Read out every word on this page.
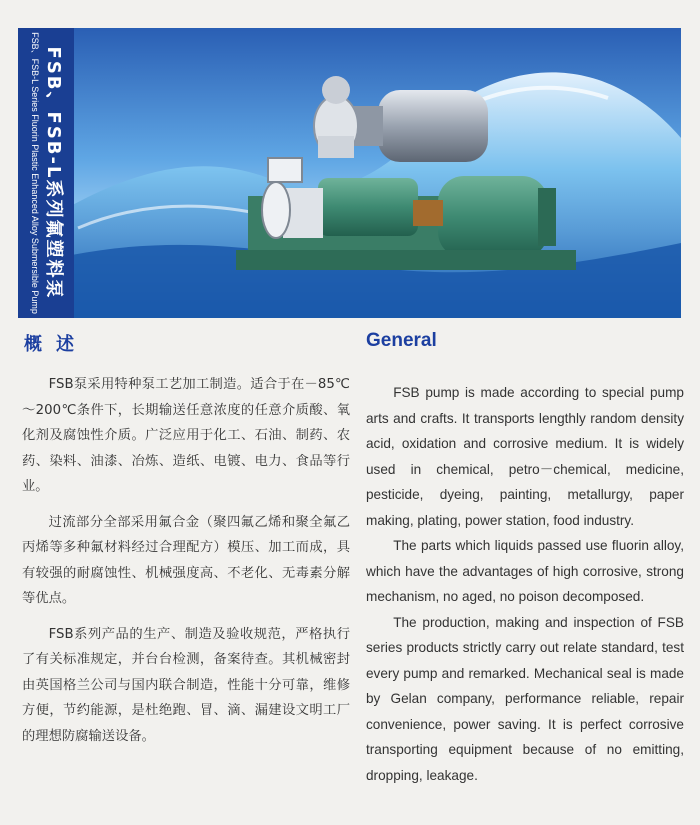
FSB、FSB-L系列氟塑料泵
FSB、FSB-L Series Fluorin Plastic Enhanced Alloy Submersible Pump
概述	General

FSB泵采用特种泵工艺加工制造。适合于在－85℃～200℃条件下，长期输送任意浓度的任意介质酸、氧化剂及腐蚀性介质。广泛应用于化工、石油、制药、农药、染料、油漆、冶炼、造纸、电镀、电力、食品等行业。

过流部分全部采用氟合金（聚四氟乙烯和聚全氟乙丙烯等多种氟材料经过合理配方）模压、加工而成，具有较强的耐腐蚀性、机械强度高、不老化、无毒素分解等优点。

FSB系列产品的生产、制造及验收规范，严格执行了有关标准规定，并台台检测，备案待查。其机械密封由英国格兰公司与国内联合制造，性能十分可靠，维修方便，节约能源，是杜绝跑、冒、滴、漏建设文明工厂的理想防腐输送设备。

FSB pump is made according to special pump arts and crafts. It transports lengthly random density acid, oxidation and corrosive medium. It is widely used in chemical, petro－chemical, medicine, pesticide, dyeing, painting, metallurgy, paper making, plating, power station, food industry.

The parts which liquids passed use fluorin alloy, which have the advantages of high corrosive, strong mechanism, no aged, no poison decomposed.

The production, making and inspection of FSB series products strictly carry out relate standard, test every pump and remarked. Mechanical seal is made by Gelan company, performance reliable, repair convenience, power saving. It is perfect corrosive transporting equipment because of no emitting, dropping, leakage.
